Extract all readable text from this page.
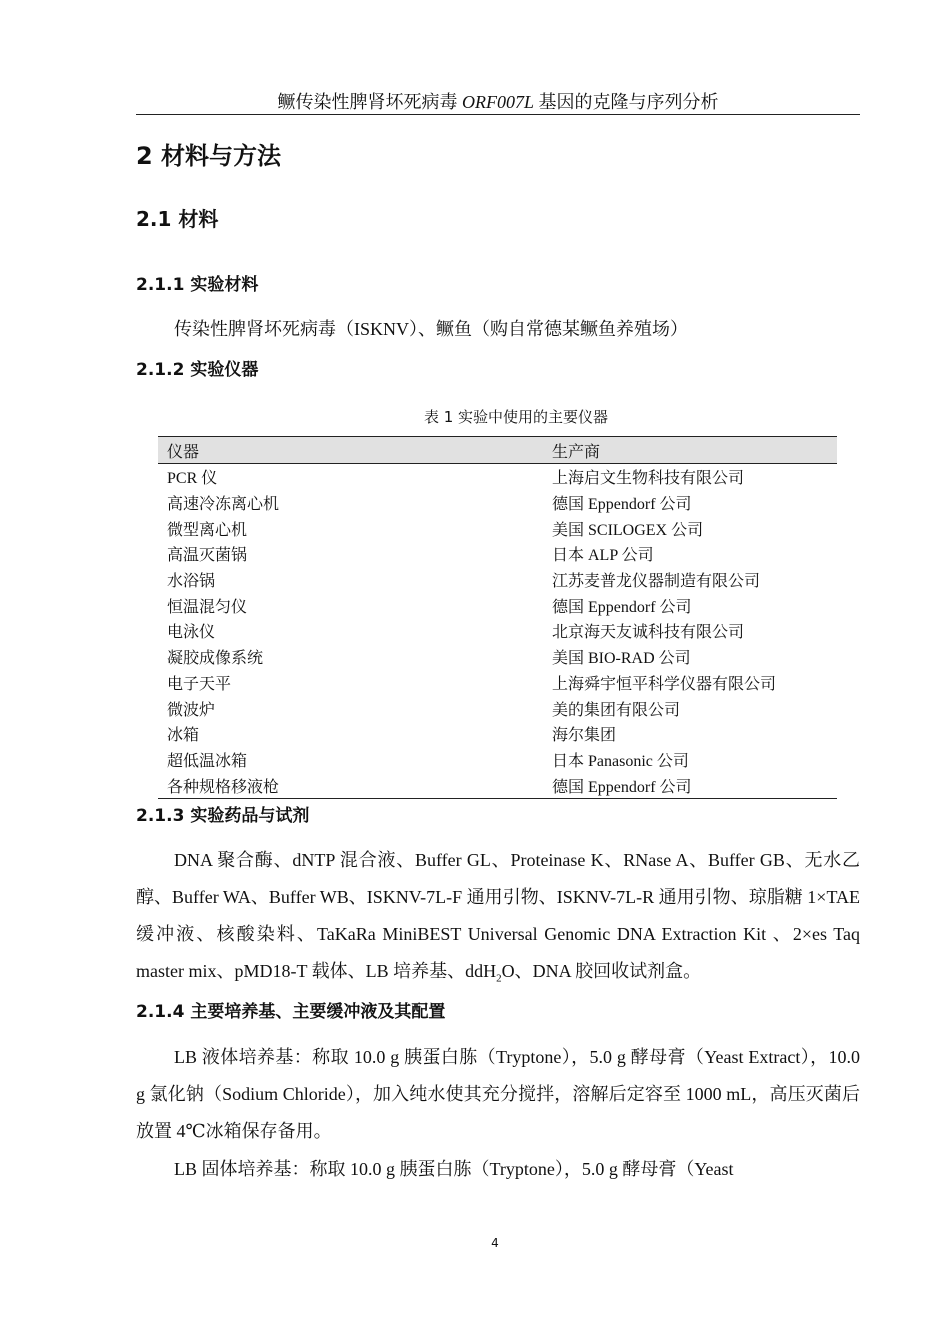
鳜传染性脾肾坏死病毒 ORF007L 基因的克隆与序列分析
2 材料与方法
2.1 材料
2.1.1 实验材料

传染性脾肾坏死病毒（ISKNV）、鳜鱼（购自常德某鳜鱼养殖场）

2.1.2 实验仪器
表 1 实验中使用的主要仪器
仪器	生产商
PCR 仪	上海启文生物科技有限公司
高速冷冻离心机	德国 Eppendorf 公司
微型离心机	美国 SCILOGEX 公司
高温灭菌锅	日本 ALP 公司
水浴锅	江苏麦普龙仪器制造有限公司
恒温混匀仪	德国 Eppendorf 公司
电泳仪	北京海天友诚科技有限公司
凝胶成像系统	美国 BIO-RAD 公司
电子天平	上海舜宇恒平科学仪器有限公司
微波炉	美的集团有限公司
冰箱	海尔集团
超低温冰箱	日本 Panasonic 公司
各种规格移液枪	德国 Eppendorf 公司
2.1.3 实验药品与试剂

DNA 聚合酶、dNTP 混合液、Buffer GL、Proteinase K、RNase A、Buffer GB、无水乙醇、Buffer WA、Buffer WB、ISKNV-7L-F 通用引物、ISKNV-7L-R 通用引物、琼脂糖 1×TAE 缓冲液、核酸染料、TaKaRa MiniBEST Universal Genomic DNA Extraction Kit 、2×es Taq master mix、pMD18-T 载体、LB 培养基、ddH$_2$O、DNA 胶回收试剂盒。

2.1.4 主要培养基、主要缓冲液及其配置

LB 液体培养基：称取 10.0 g 胰蛋白胨（Tryptone），5.0 g 酵母膏（Yeast Extract），10.0 g 氯化钠（Sodium Chloride），加入纯水使其充分搅拌，溶解后定容至 1000 mL，高压灭菌后放置 4℃冰箱保存备用。

LB 固体培养基：称取 10.0 g 胰蛋白胨（Tryptone），5.0 g 酵母膏（Yeast

4
